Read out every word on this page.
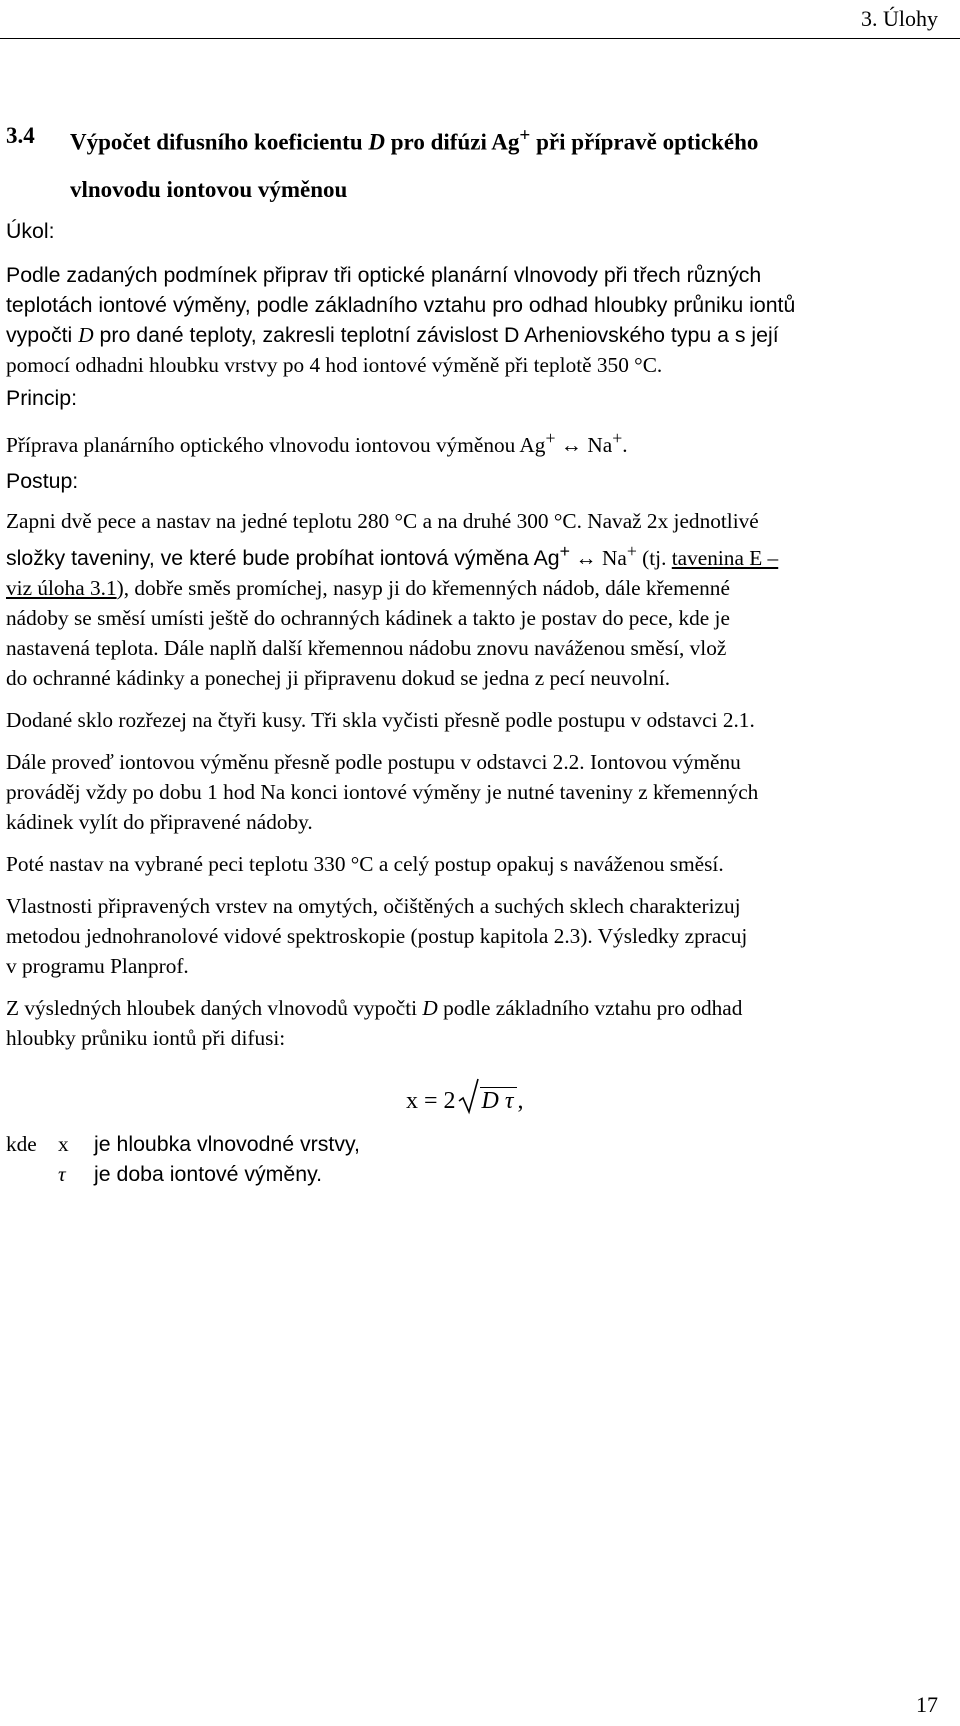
3. Úlohy
3.4	Výpočet difusního koeficientu D pro difúzi Ag+ při přípravě optického
vlnovodu iontovou výměnou

Úkol:

Podle zadaných podmínek připrav tři optické planární vlnovody při třech různých

teplotách iontové výměny, podle základního vztahu pro odhad hloubky průniku iontů

vypočti D pro dané teploty, zakresli teplotní závislost D Arheniovského typu a s její

pomocí odhadni hloubku vrstvy po 4 hod iontové výměně při teplotě 350 °C.

Princip:

Příprava planárního optického vlnovodu iontovou výměnou Ag+ ↔ Na+.

Postup:

Zapni dvě pece a nastav na jedné teplotu 280 °C a na druhé 300 °C. Navaž 2x jednotlivé
složky taveniny, ve které bude probíhat iontová výměna Ag+ ↔ Na+ (tj. tavenina E –
viz úloha 3.1), dobře směs promíchej, nasyp ji do křemenných nádob, dále křemenné
nádoby se směsí umísti ještě do ochranných kádinek a takto je postav do pece, kde je
nastavená teplota. Dále naplň další křemennou nádobu znovu naváženou směsí, vlož
do ochranné kádinky a ponechej ji připravenu dokud se jedna z pecí neuvolní.

Dodané sklo rozřezej na čtyři kusy. Tři skla vyčisti přesně podle postupu v odstavci 2.1.

Dále proveď iontovou výměnu přesně podle postupu v odstavci 2.2. Iontovou výměnu
prováděj vždy po dobu 1 hod Na konci iontové výměny je nutné taveniny z křemenných
kádinek vylít do připravené nádoby.

Poté nastav na vybrané peci teplotu 330 °C a celý postup opakuj s naváženou směsí.

Vlastnosti připravených vrstev na omytých, očištěných a suchých sklech charakterizuj
metodou jednohranolové vidové spektroskopie (postup kapitola 2.3). Výsledky zpracuj
v programu Planprof.

Z výsledných hloubek daných vlnovodů vypočti D podle základního vztahu pro odhad
hloubky průniku iontů při difusi:

x
=
2 D τ ,
kde	x	je hloubka vlnovodné vrstvy,
	τ	je doba iontové výměny.
17
